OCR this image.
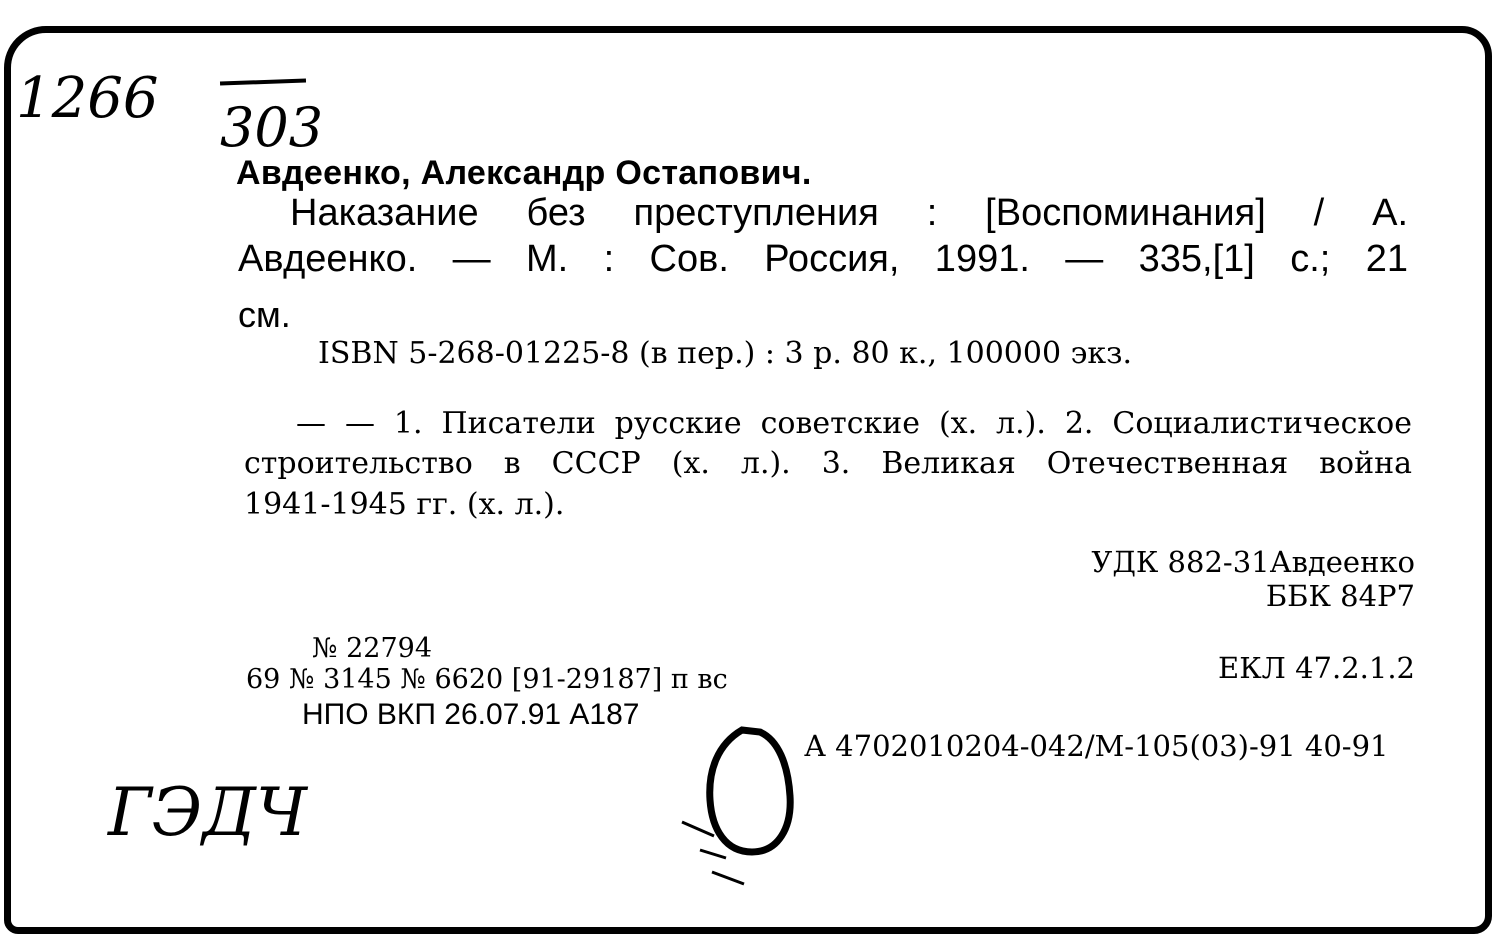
1266 303
Авдеенко, Александр Остапович.
Наказание без преступления : [Воспоминания] / А.
Авдеенко. — М. : Сов. Россия, 1991. — 335,[1] с.; 21
см.
ISBN 5-268-01225-8 (в пер.) : 3 р. 80 к., 100000 экз.
— — 1. Писатели русские советские (х. л.). 2. Социалистическое
строительство в СССР (х. л.). 3. Великая Отечественная война
1941-1945 гг. (х. л.).
УДК 882-31Авдеенко
ББК 84Р7
ЕКЛ 47.2.1.2
№ 22794
69 № 3145 № 6620 [91-29187] п вс
НПО ВКП 26.07.91 А187
А 4702010204-042/М-105(03)-91 40-91
ГЭДЧ
